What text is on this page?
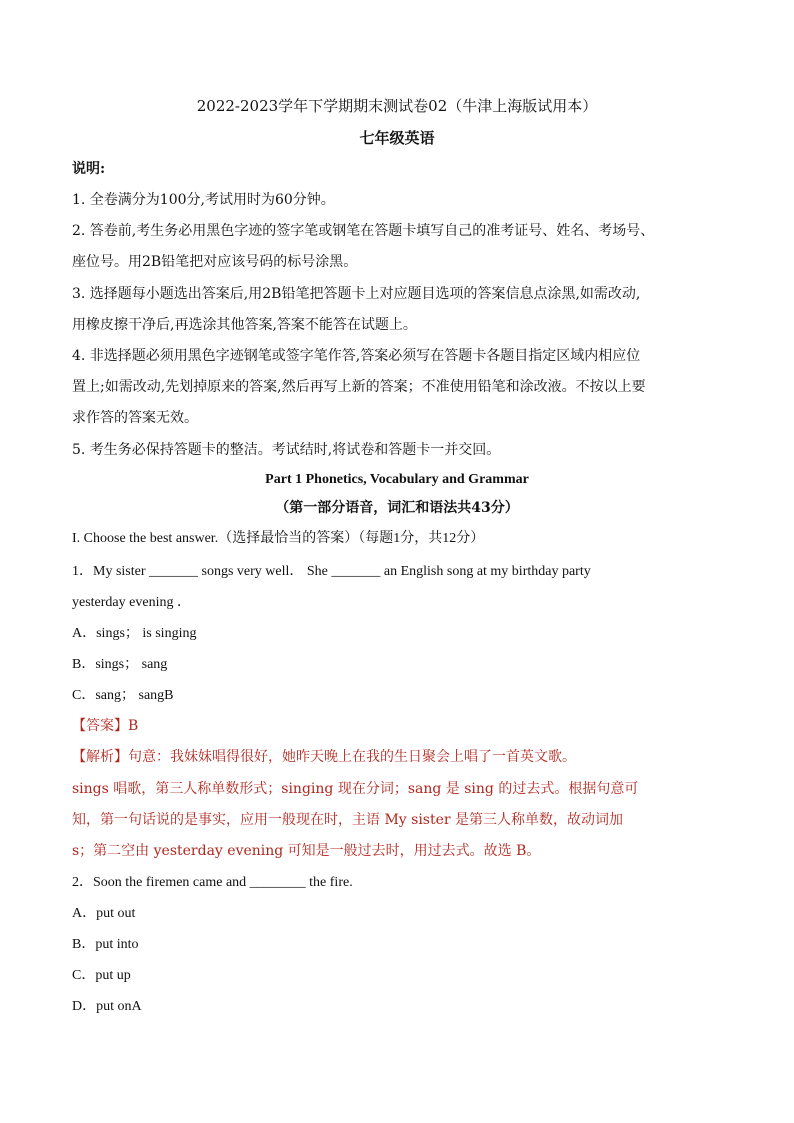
2022-2023学年下学期期末测试卷02（牛津上海版试用本）
七年级英语
说明:
1. 全卷满分为100分,考试用时为60分钟。
2. 答卷前,考生务必用黑色字迹的签字笔或钢笔在答题卡填写自己的准考证号、姓名、考场号、
座位号。用2B铅笔把对应该号码的标号涂黑。
3. 选择题每小题选出答案后,用2B铅笔把答题卡上对应题目选项的答案信息点涂黑,如需改动,
用橡皮擦干净后,再选涂其他答案,答案不能答在试题上。
4. 非选择题必须用黑色字迹钢笔或签字笔作答,答案必须写在答题卡各题目指定区域内相应位
置上;如需改动,先划掉原来的答案,然后再写上新的答案；不准使用铅笔和涂改液。不按以上要
求作答的答案无效。
5. 考生务必保持答题卡的整洁。考试结时,将试卷和答题卡一并交回。
Part 1 Phonetics, Vocabulary and Grammar
（第一部分语音，词汇和语法共43分）
I. Choose the best answer.（选择最恰当的答案）（每题1分，共12分）
1．My sister _______ songs very well． She _______ an English song at my birthday party
yesterday evening ．
A．sings； is singing
B．sings； sang
C．sang； sangB
【答案】B
【解析】句意：我妹妹唱得很好，她昨天晚上在我的生日聚会上唱了一首英文歌。
sings 唱歌，第三人称单数形式；singing 现在分词；sang 是 sing 的过去式。根据句意可
知，第一句话说的是事实，应用一般现在时，主语 My sister 是第三人称单数，故动词加
s；第二空由 yesterday evening 可知是一般过去时，用过去式。故选 B。
2．Soon the firemen came and ________ the fire.
A．put out
B．put into
C．put up
D．put onA
